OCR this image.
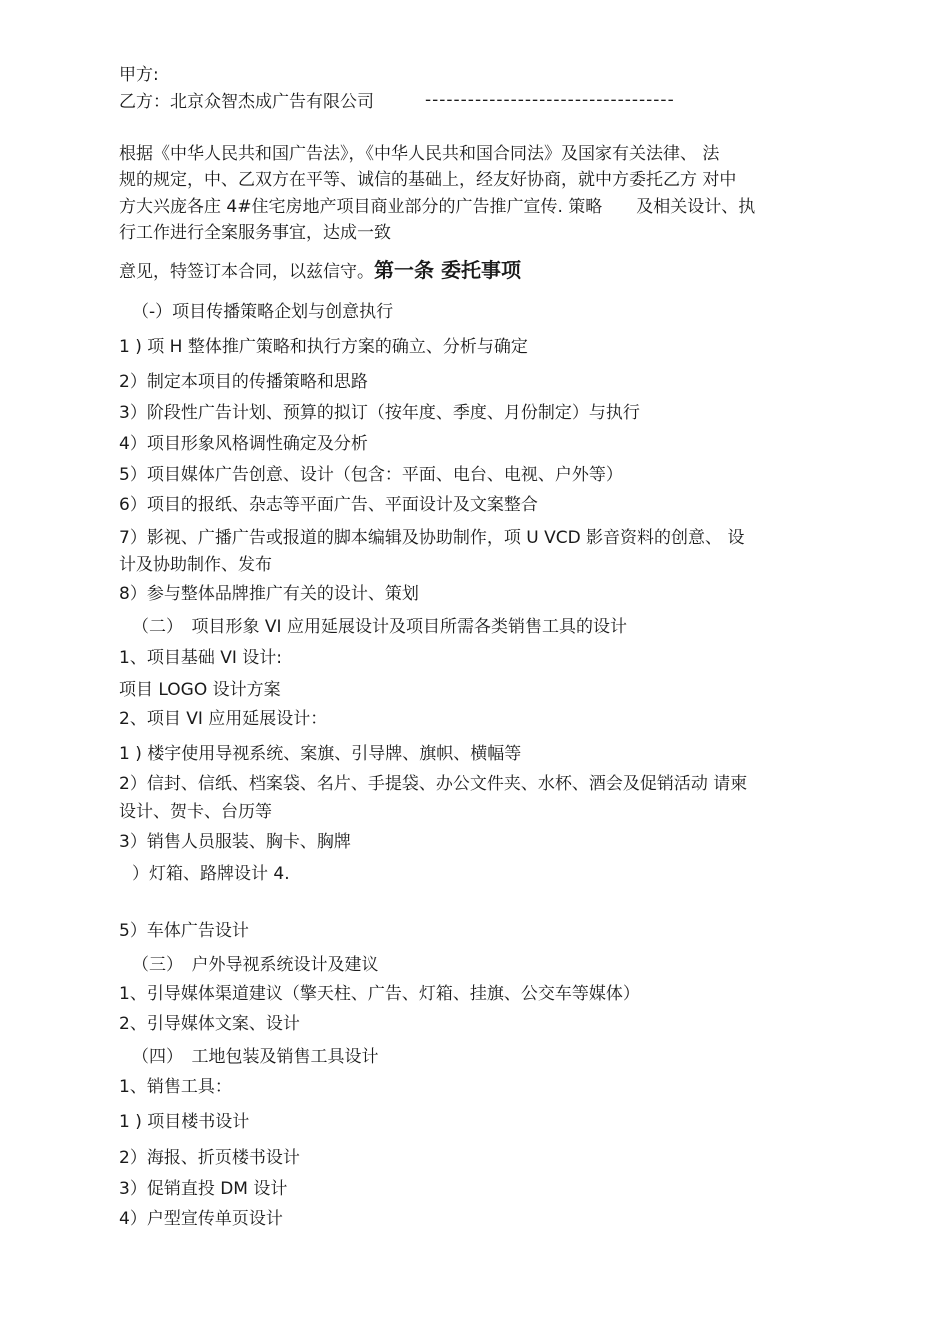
甲方:
乙方：北京众智杰成广告有限公司	-----------------------------------
根据《中华人民共和国广告法》，《中华人民共和国合同法》及国家有关法律、 法
规的规定，中、乙双方在平等、诚信的基础上，经友好协商，就中方委托乙方 对中
方大兴庞各庄 4#住宅房地产项目商业部分的广告推广宣传. 策略　　及相关设计、执
行工作进行全案服务事宜，达成一致
意见，特签订本合同，以兹信守。第一条 委托事项
（-）项目传播策略企划与创意执行
1 ) 项 H 整体推广策略和执行方案的确立、分析与确定
2）制定本项目的传播策略和思路
3）阶段性广告计划、预算的拟订（按年度、季度、月份制定）与执行
4）项目形象风格调性确定及分析
5）项目媒体广告创意、设计（包含：平面、电台、电视、户外等）
6）项目的报纸、杂志等平面广告、平面设计及文案整合
7）影视、广播广告或报道的脚本编辑及协助制作，项 U VCD 影音资料的创意、 设
计及协助制作、发布
8）参与整体品牌推广有关的设计、策划
（二）　项目形象 VI 应用延展设计及项目所需各类销售工具的设计
1、项目基础 VI 设计:
项目 LOGO 设计方案
2、项目 VI 应用延展设计：
1 ) 楼宇使用导视系统、案旗、引导牌、旗帜、横幅等
2）信封、信纸、档案袋、名片、手提袋、办公文件夹、水杯、酒会及促销活动 请柬
设计、贺卡、台历等
3）销售人员服装、胸卡、胸牌
）灯箱、路牌设计 4.
5）车体广告设计
（三）　户外导视系统设计及建议
1、引导媒体渠道建议（擎天柱、广告、灯箱、挂旗、公交车等媒体）
2、引导媒体文案、设计
（四）　工地包装及销售工具设计
1、销售工具：
1 ) 项目楼书设计
2）海报、折页楼书设计
3）促销直投 DM 设计
4）户型宣传单页设计
